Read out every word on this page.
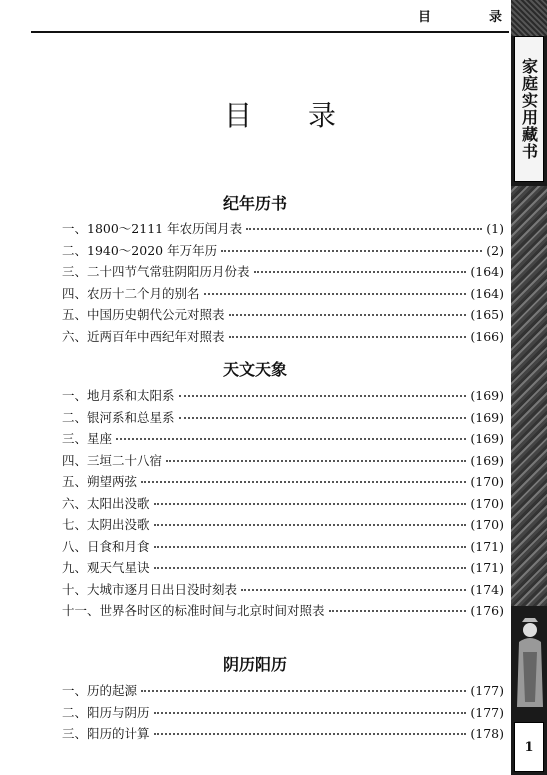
目	录
家庭实用藏书
1
目 录
纪年历书
一、1800～2111 年农历闰月表	(1)
二、1940～2020 年万年历	(2)
三、二十四节气常驻阴阳历月份表	(164)
四、农历十二个月的别名	(164)
五、中国历史朝代公元对照表	(165)
六、近两百年中西纪年对照表	(166)
天文天象
一、地月系和太阳系	(169)
二、银河系和总星系	(169)
三、星座	(169)
四、三垣二十八宿	(169)
五、朔望两弦	(170)
六、太阳出没歌	(170)
七、太阴出没歌	(170)
八、日食和月食	(171)
九、观天气星诀	(171)
十、大城市逐月日出日没时刻表	(174)
十一、世界各时区的标准时间与北京时间对照表	(176)
阴历阳历
一、历的起源	(177)
二、阳历与阴历	(177)
三、阳历的计算	(178)
